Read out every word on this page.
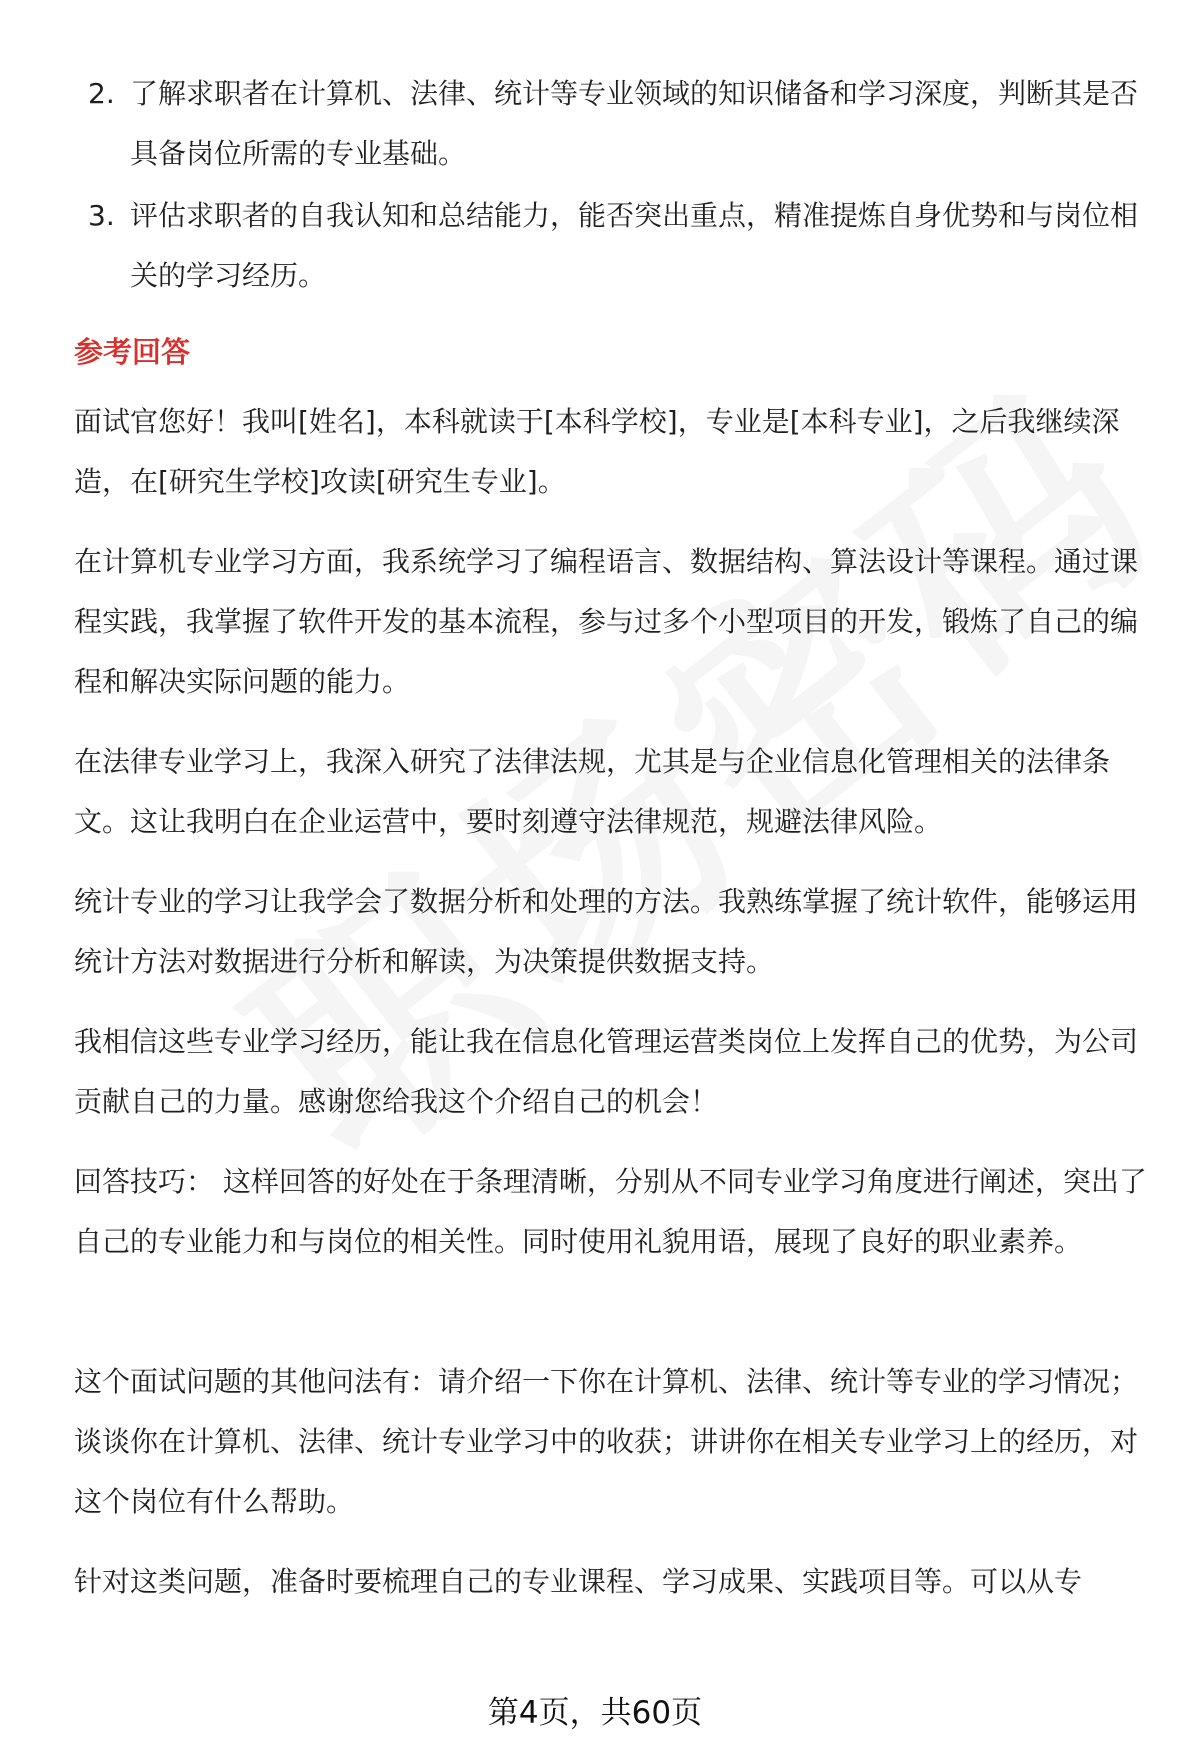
2. 了解求职者在计算机、法律、统计等专业领域的知识储备和学习深度，判断其是否具备岗位所需的专业基础。
3. 评估求职者的自我认知和总结能力，能否突出重点，精准提炼自身优势和与岗位相关的学习经历。
参考回答

面试官您好！我叫[姓名]，本科就读于[本科学校]，专业是[本科专业]，之后我继续深造，在[研究生学校]攻读[研究生专业]。

在计算机专业学习方面，我系统学习了编程语言、数据结构、算法设计等课程。通过课程实践，我掌握了软件开发的基本流程，参与过多个小型项目的开发，锻炼了自己的编程和解决实际问题的能力。

在法律专业学习上，我深入研究了法律法规，尤其是与企业信息化管理相关的法律条文。这让我明白在企业运营中，要时刻遵守法律规范，规避法律风险。

统计专业的学习让我学会了数据分析和处理的方法。我熟练掌握了统计软件，能够运用统计方法对数据进行分析和解读，为决策提供数据支持。

我相信这些专业学习经历，能让我在信息化管理运营类岗位上发挥自己的优势，为公司贡献自己的力量。感谢您给我这个介绍自己的机会！

回答技巧： 这样回答的好处在于条理清晰，分别从不同专业学习角度进行阐述，突出了自己的专业能力和与岗位的相关性。同时使用礼貌用语，展现了良好的职业素养。

这个面试问题的其他问法有：请介绍一下你在计算机、法律、统计等专业的学习情况；谈谈你在计算机、法律、统计专业学习中的收获；讲讲你在相关专业学习上的经历，对这个岗位有什么帮助。

针对这类问题，准备时要梳理自己的专业课程、学习成果、实践项目等。可以从专

第4页，共60页
